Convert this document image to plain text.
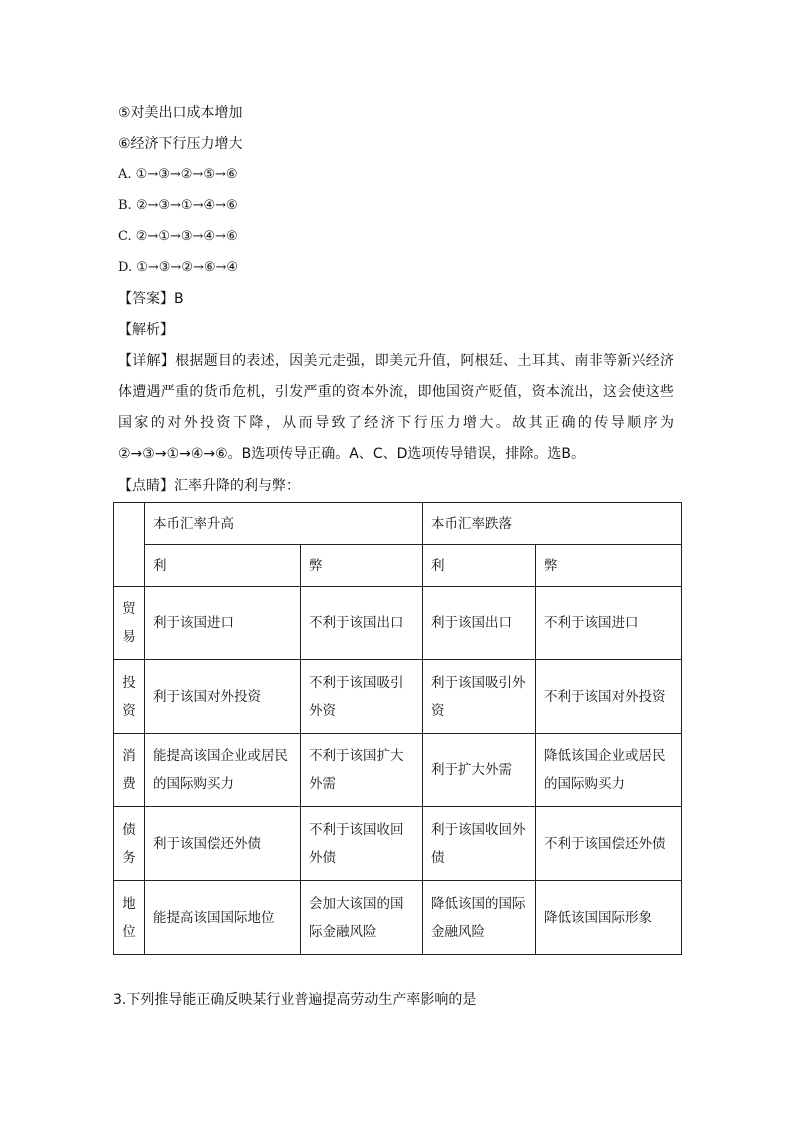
⑤对美出口成本增加
⑥经济下行压力增大
A. ①→③→②→⑤→⑥
B. ②→③→①→④→⑥
C. ②→①→③→④→⑥
D. ①→③→②→⑥→④
【答案】B
【解析】
【详解】根据题目的表述，因美元走强，即美元升值，阿根廷、土耳其、南非等新兴经济体遭遇严重的货币危机，引发严重的资本外流，即他国资产贬值，资本流出，这会使这些国家的对外投资下降，从而导致了经济下行压力增大。故其正确的传导顺序为②→③→①→④→⑥。B选项传导正确。A、C、D选项传导错误，排除。选B。
【点睛】汇率升降的利与弊：
	本币汇率升高		本币汇率跌落	
	利	弊	利	弊
贸易	利于该国进口	不利于该国出口	利于该国出口	不利于该国进口
投资	利于该国对外投资	不利于该国吸引外资	利于该国吸引外资	不利于该国对外投资
消费	能提高该国企业或居民的国际购买力	不利于该国扩大外需	利于扩大外需	降低该国企业或居民的国际购买力
债务	利于该国偿还外债	不利于该国收回外债	利于该国收回外债	不利于该国偿还外债
地位	能提高该国国际地位	会加大该国的国际金融风险	降低该国的国际金融风险	降低该国国际形象
3.下列推导能正确反映某行业普遍提高劳动生产率影响的是
